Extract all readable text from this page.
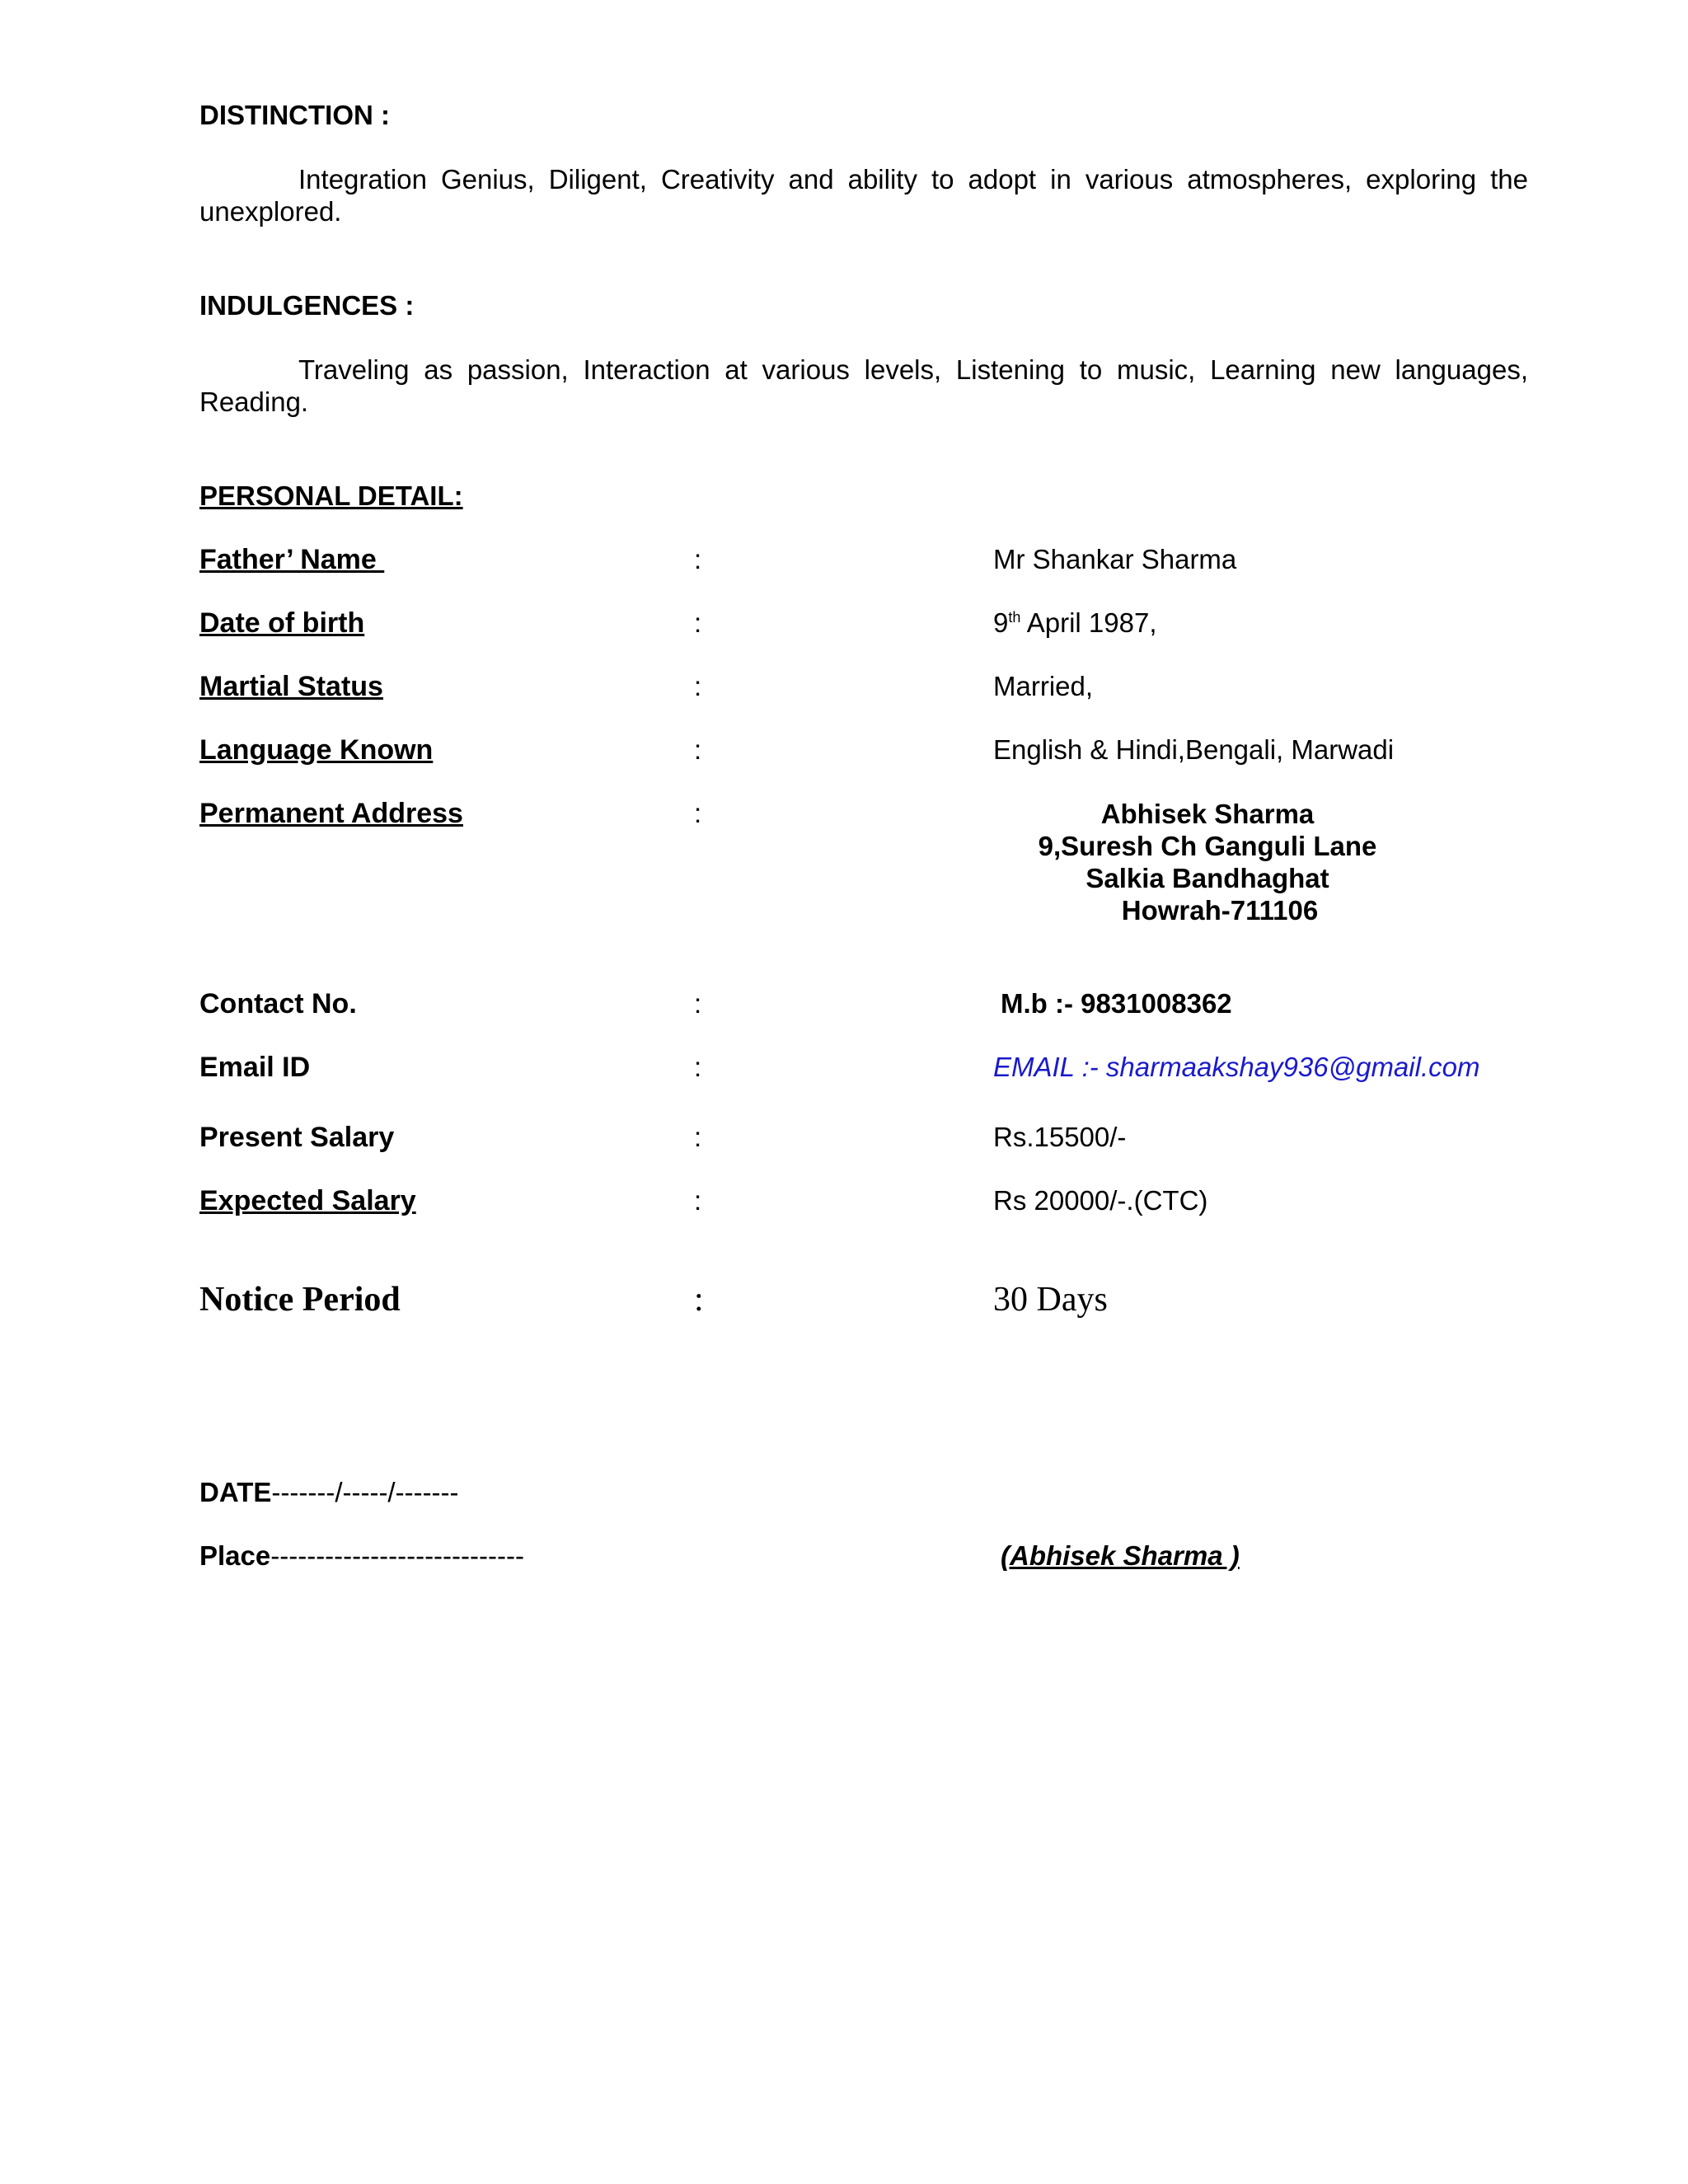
DISTINCTION :
Integration Genius, Diligent, Creativity and ability to adopt in various atmospheres, exploring the unexplored.
INDULGENCES :
Traveling as passion, Interaction at various levels, Listening to music, Learning new languages, Reading.
PERSONAL DETAIL:
Father’ Name	:	Mr Shankar Sharma
Date of birth	:	9th April 1987,
Martial Status	:	Married,
Language Known	:	English & Hindi,Bengali, Marwadi
Permanent Address	:	Abhisek Sharma
9,Suresh Ch Ganguli Lane
Salkia Bandhaghat
Howrah-711106
Contact No.	:	M.b :- 9831008362
Email ID	:	EMAIL :- sharmaakshay936@gmail.com
Present Salary	:	Rs.15500/-
Expected Salary	:	Rs 20000/-.(CTC)
Notice Period	:	30 Days
DATE-------/-----/-------
Place----------------------------	(Abhisek Sharma )
